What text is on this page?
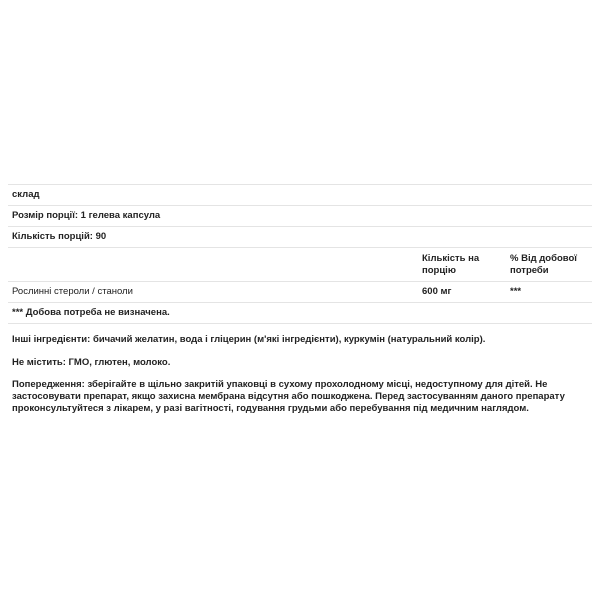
склад		
Розмір порції: 1 гелева капсула		
Кількість порцій: 90		
	Кількість на порцію	% Від добової потреби
Рослинні стероли / станоли	600 мг	***
*** Добова потреба не визначена.		
Інші інгредієнти: бичачий желатин, вода і гліцерин (м'які інгредієнти), куркумін (натуральний колір).
Не містить: ГМО, глютен, молоко.
Попередження: зберігайте в щільно закритій упаковці в сухому прохолодному місці, недоступному для дітей. Не застосовувати препарат, якщо захисна мембрана відсутня або пошкоджена. Перед застосуванням даного препарату проконсультуйтеся з лікарем, у разі вагітності, годування грудьми або перебування під медичним наглядом.
